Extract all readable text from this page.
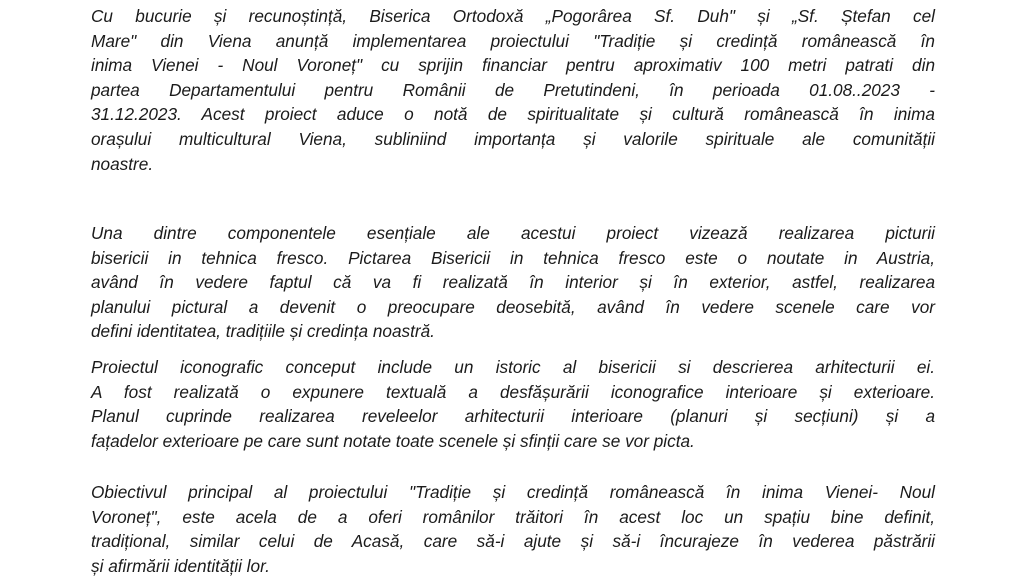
Cu bucurie și recunoștință, Biserica Ortodoxă „Pogorârea Sf. Duh" și „Sf. Ștefan cel
Mare" din Viena anunță implementarea proiectului "Tradiție și credință românească în
inima Vienei - Noul Voroneț" cu sprijin financiar pentru aproximativ 100 metri patrati din
partea Departamentului pentru Românii de Pretutindeni, în perioada 01.08..2023 -
31.12.2023. Acest proiect aduce o notă de spiritualitate și cultură românească în inima
orașului multicultural Viena, subliniind importanța și valorile spirituale ale comunității
noastre.
Una dintre componentele esențiale ale acestui proiect vizează realizarea picturii
bisericii in tehnica fresco. Pictarea Bisericii in tehnica fresco este o noutate in Austria,
având în vedere faptul că va fi realizată în interior și în exterior, astfel, realizarea
planului pictural a devenit o preocupare deosebită, având în vedere scenele care vor
defini identitatea, tradițiile și credința noastră.
Proiectul iconografic conceput include un istoric al bisericii si descrierea arhitecturii ei.
A fost realizată o expunere textuală a desfășurării iconografice interioare și exterioare.
Planul cuprinde realizarea reveleelor arhitecturii interioare (planuri și secțiuni) și a
fațadelor exterioare pe care sunt notate toate scenele și sfinții care se vor picta.
Obiectivul principal al proiectului "Tradiție și credință românească în inima Vienei- Noul
Voroneț", este acela de a oferi românilor trăitori în acest loc un spațiu bine definit,
tradițional, similar celui de Acasă, care să-i ajute și să-i încurajeze în vederea păstrării
și afirmării identității lor.
